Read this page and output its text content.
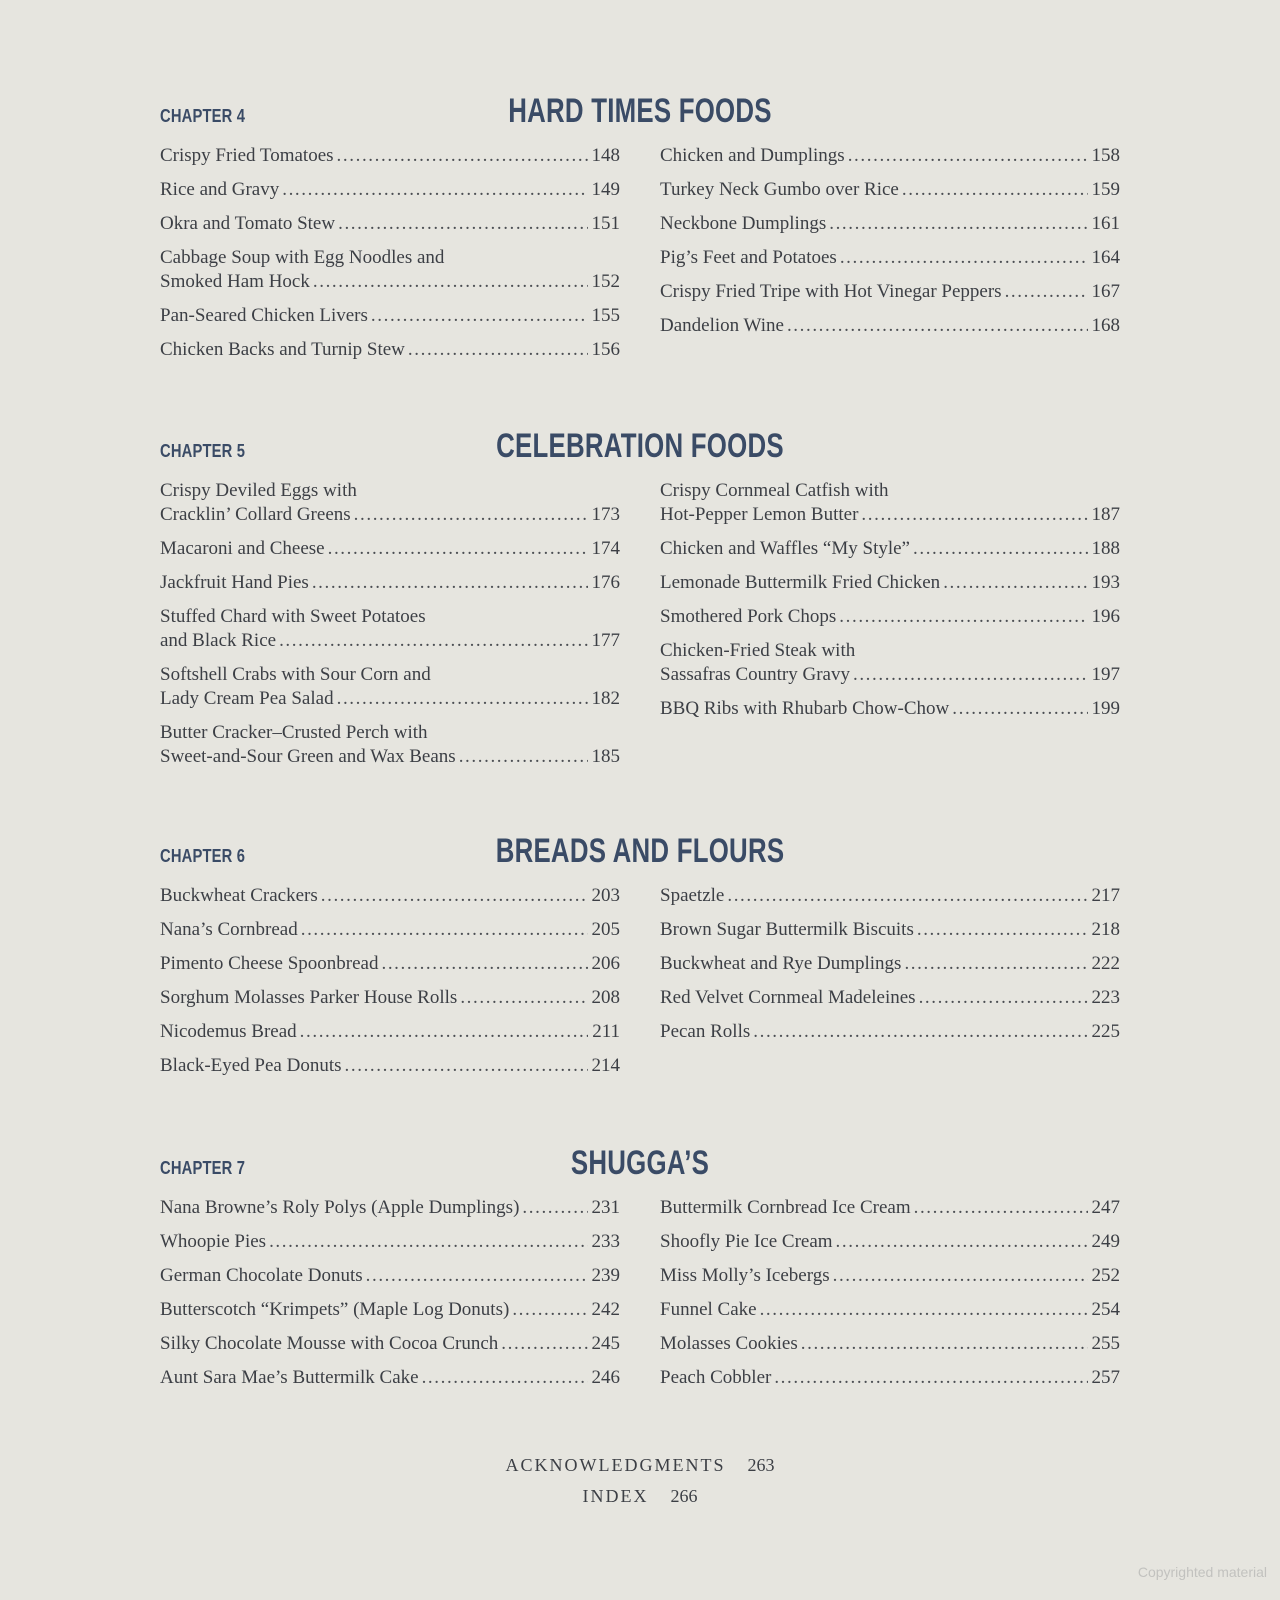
CHAPTER 4	HARD TIMES FOODS
Crispy Fried Tomatoes .....	148
Rice and Gravy .....	149
Okra and Tomato Stew .....	151
Cabbage Soup with Egg Noodles and
Smoked Ham Hock .....	152
Pan-Seared Chicken Livers .....	155
Chicken Backs and Turnip Stew .....	156
Chicken and Dumplings .....	158
Turkey Neck Gumbo over Rice .....	159
Neckbone Dumplings .....	161
Pig’s Feet and Potatoes .....	164
Crispy Fried Tripe with Hot Vinegar Peppers .....	167
Dandelion Wine .....	168
CHAPTER 5	CELEBRATION FOODS
Crispy Deviled Eggs with
Cracklin’ Collard Greens .....	173
Macaroni and Cheese .....	174
Jackfruit Hand Pies .....	176
Stuffed Chard with Sweet Potatoes
and Black Rice .....	177
Softshell Crabs with Sour Corn and
Lady Cream Pea Salad .....	182
Butter Cracker–Crusted Perch with
Sweet-and-Sour Green and Wax Beans .....	185
Crispy Cornmeal Catfish with
Hot-Pepper Lemon Butter .....	187
Chicken and Waffles “My Style” .....	188
Lemonade Buttermilk Fried Chicken .....	193
Smothered Pork Chops .....	196
Chicken-Fried Steak with
Sassafras Country Gravy .....	197
BBQ Ribs with Rhubarb Chow-Chow .....	199
CHAPTER 6	BREADS AND FLOURS
Buckwheat Crackers .....	203
Nana’s Cornbread .....	205
Pimento Cheese Spoonbread .....	206
Sorghum Molasses Parker House Rolls .....	208
Nicodemus Bread .....	211
Black-Eyed Pea Donuts .....	214
Spaetzle .....	217
Brown Sugar Buttermilk Biscuits .....	218
Buckwheat and Rye Dumplings .....	222
Red Velvet Cornmeal Madeleines .....	223
Pecan Rolls .....	225
CHAPTER 7	SHUGGA’S
Nana Browne’s Roly Polys (Apple Dumplings) .....	231
Whoopie Pies .....	233
German Chocolate Donuts .....	239
Butterscotch “Krimpets” (Maple Log Donuts) .....	242
Silky Chocolate Mousse with Cocoa Crunch .....	245
Aunt Sara Mae’s Buttermilk Cake .....	246
Buttermilk Cornbread Ice Cream .....	247
Shoofly Pie Ice Cream .....	249
Miss Molly’s Icebergs .....	252
Funnel Cake .....	254
Molasses Cookies .....	255
Peach Cobbler .....	257
ACKNOWLEDGMENTS 263
INDEX 266
Copyrighted material
